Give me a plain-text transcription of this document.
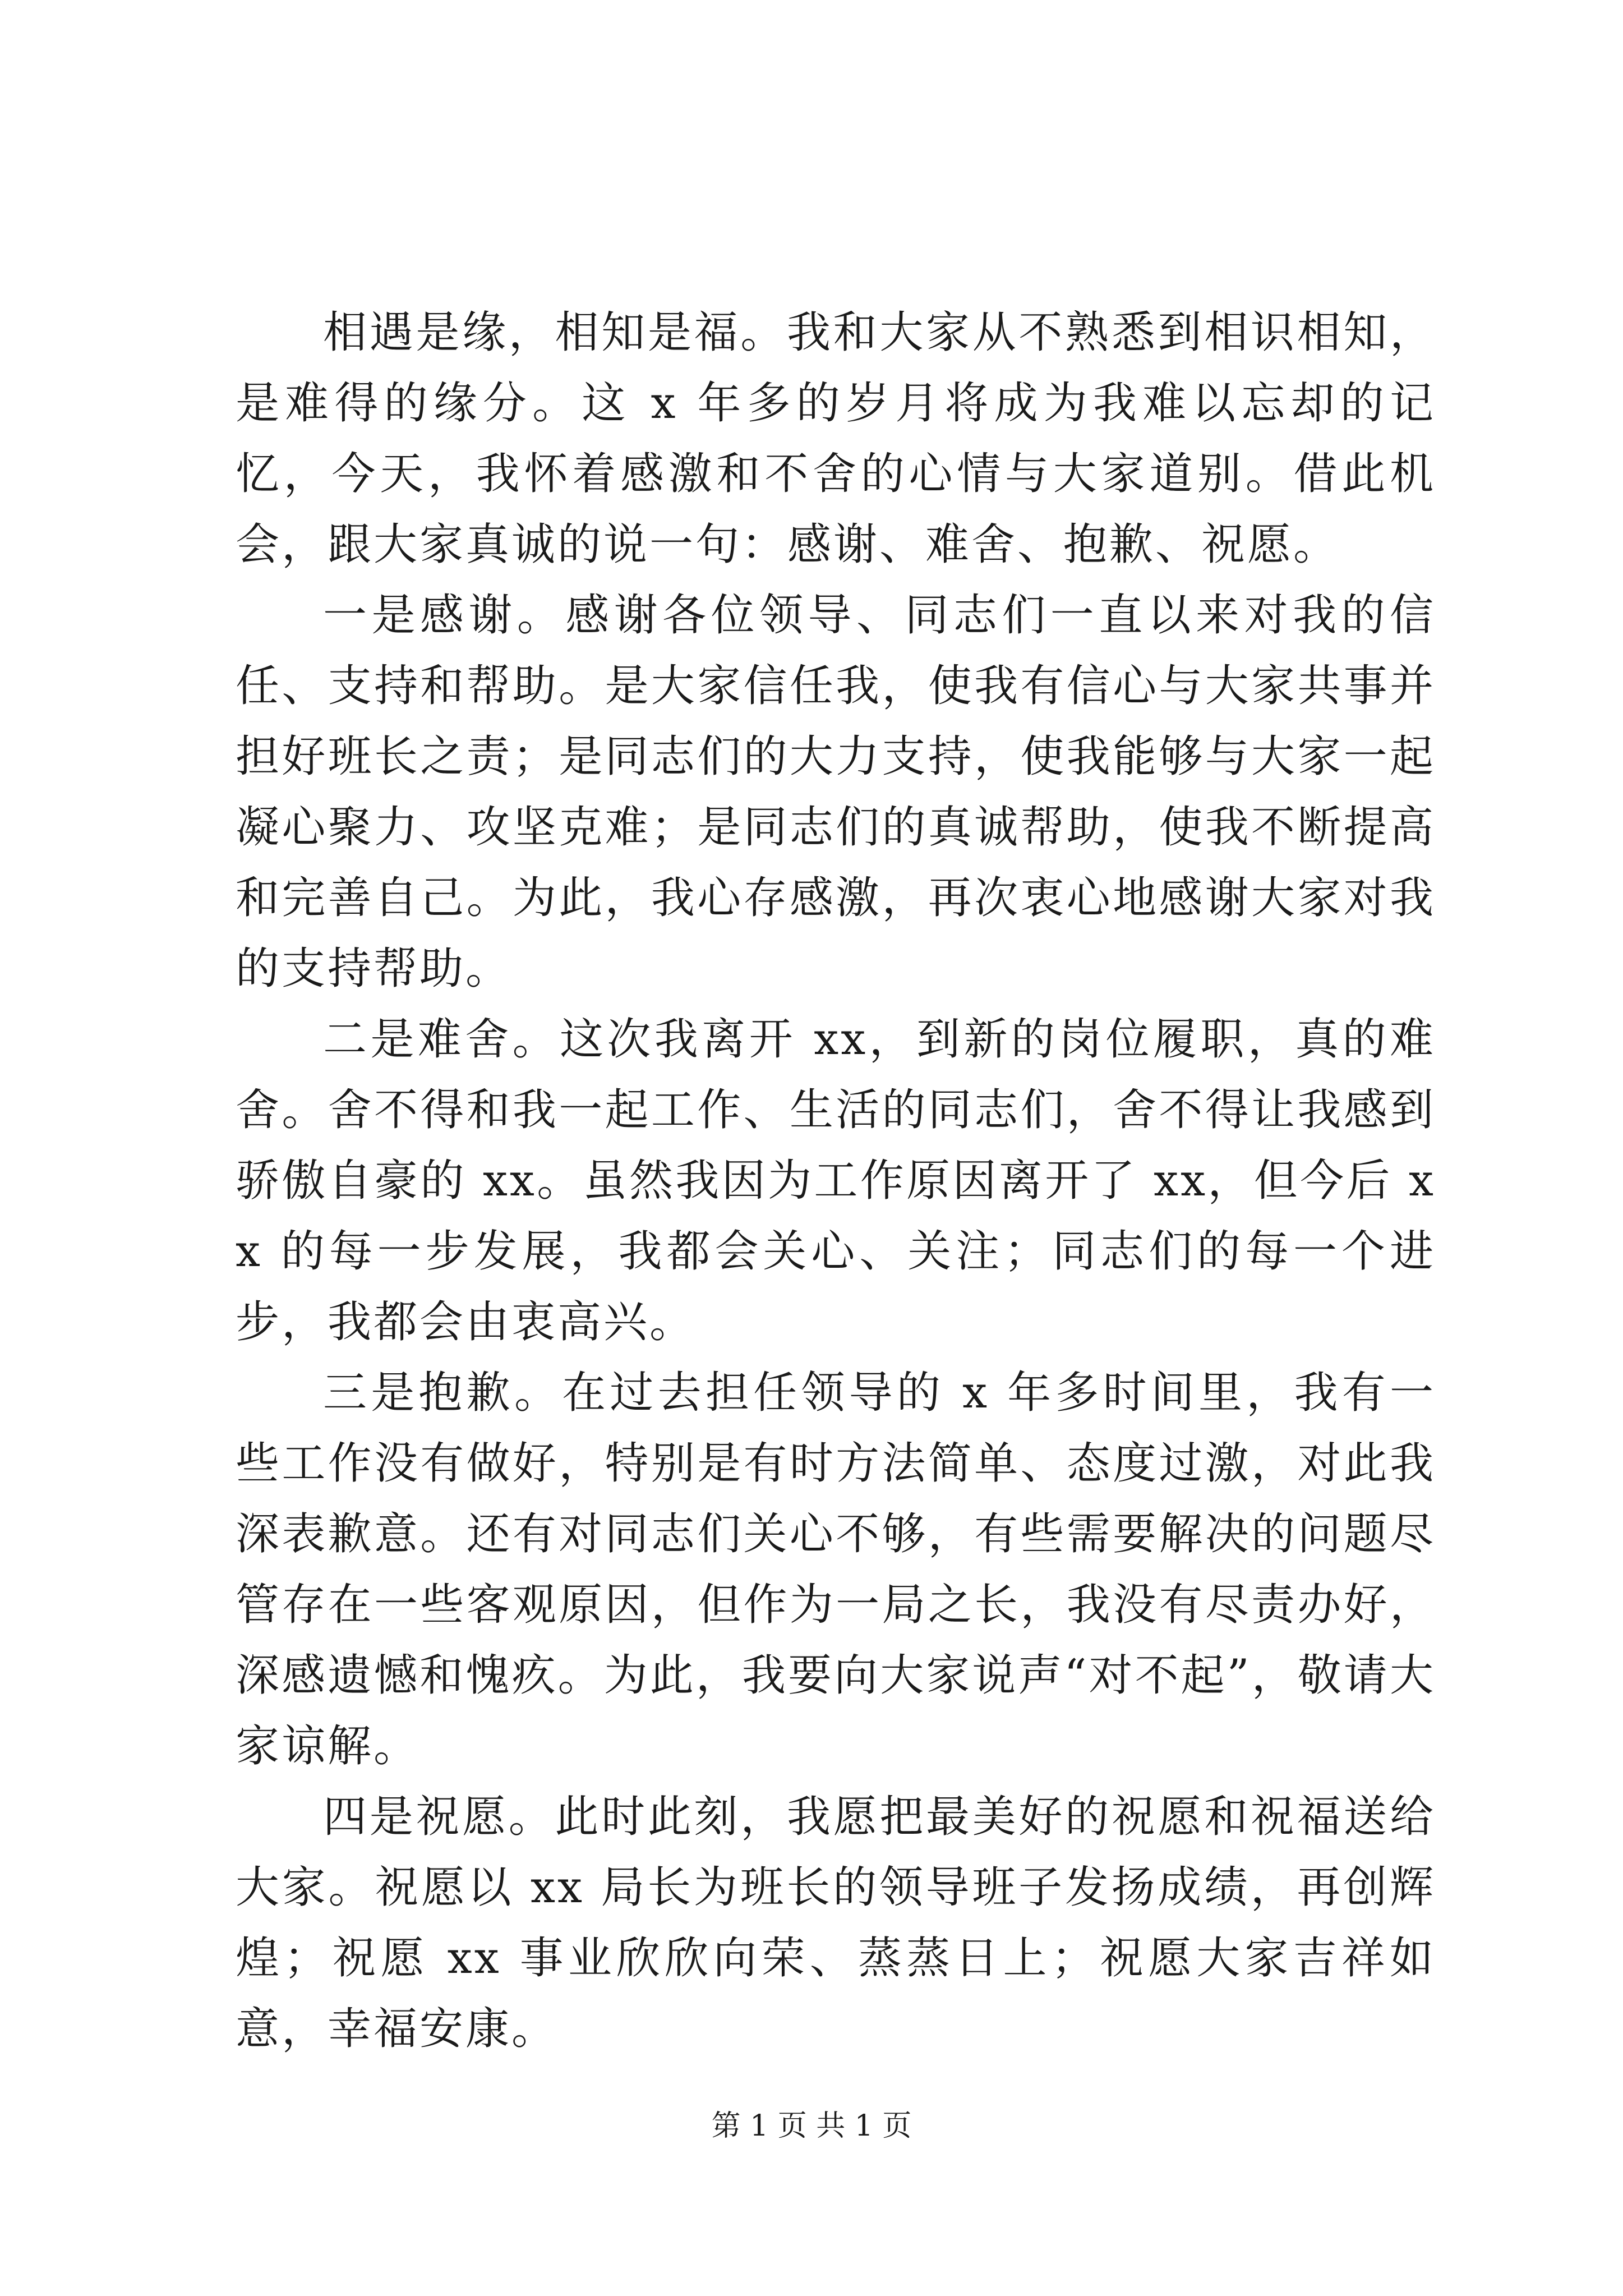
相遇是缘，相知是福。我和大家从不熟悉到相识相知，是难得的缘分。这 x 年多的岁月将成为我难以忘却的记忆，今天，我怀着感激和不舍的心情与大家道别。借此机会，跟大家真诚的说一句：感谢、难舍、抱歉、祝愿。

一是感谢。感谢各位领导、同志们一直以来对我的信任、支持和帮助。是大家信任我，使我有信心与大家共事并担好班长之责；是同志们的大力支持，使我能够与大家一起凝心聚力、攻坚克难；是同志们的真诚帮助，使我不断提高和完善自己。为此，我心存感激，再次衷心地感谢大家对我的支持帮助。

二是难舍。这次我离开 xx，到新的岗位履职，真的难舍。舍不得和我一起工作、生活的同志们，舍不得让我感到骄傲自豪的 xx。虽然我因为工作原因离开了 xx，但今后 xx 的每一步发展，我都会关心、关注；同志们的每一个进步，我都会由衷高兴。

三是抱歉。在过去担任领导的 x 年多时间里，我有一些工作没有做好，特别是有时方法简单、态度过激，对此我深表歉意。还有对同志们关心不够，有些需要解决的问题尽管存在一些客观原因，但作为一局之长，我没有尽责办好，深感遗憾和愧疚。为此，我要向大家说声“对不起”，敬请大家谅解。

四是祝愿。此时此刻，我愿把最美好的祝愿和祝福送给大家。祝愿以 xx 局长为班长的领导班子发扬成绩，再创辉煌；祝愿 xx 事业欣欣向荣、蒸蒸日上；祝愿大家吉祥如意，幸福安康。

第 1 页 共 1 页
